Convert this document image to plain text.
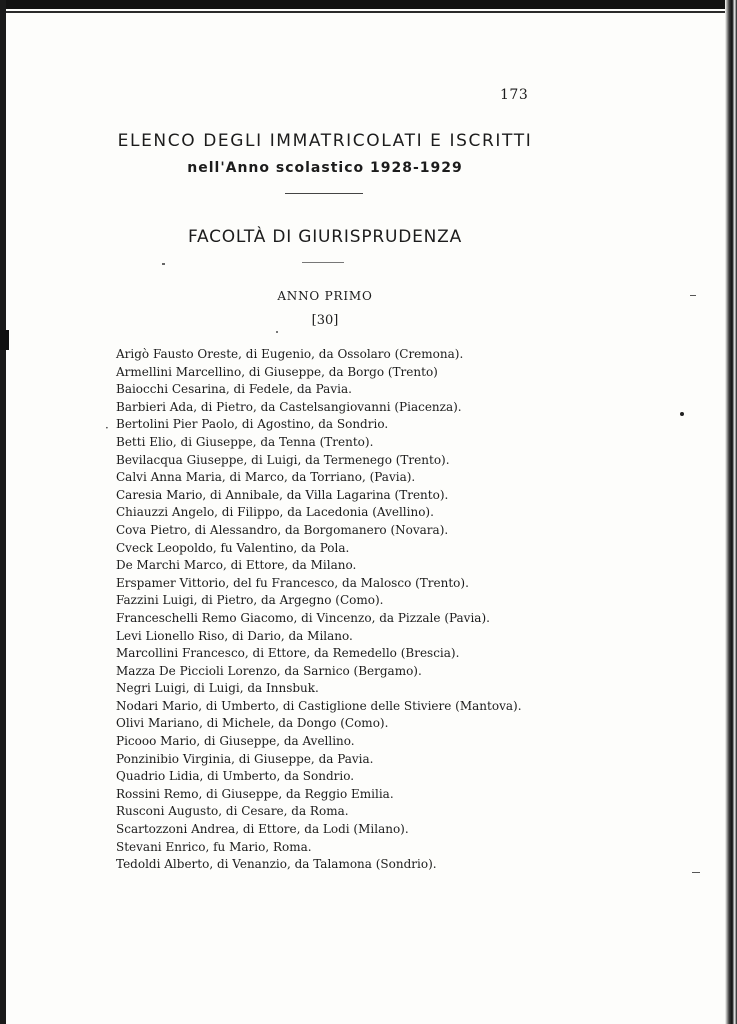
173
ELENCO DEGLI IMMATRICOLATI E ISCRITTI
nell'Anno scolastico 1928-1929
FACOLTÀ DI GIURISPRUDENZA
ANNO PRIMO
[30]
·
Arigò Fausto Oreste, di Eugenio, da Ossolaro (Cremona).
Armellini Marcellino, di Giuseppe, da Borgo (Trento)
Baiocchi Cesarina, di Fedele, da Pavia.
Barbieri Ada, di Pietro, da Castelsangiovanni (Piacenza).
Bertolini Pier Paolo, di Agostino, da Sondrio.
Betti Elio, di Giuseppe, da Tenna (Trento).
Bevilacqua Giuseppe, di Luigi, da Termenego (Trento).
Calvi Anna Maria, di Marco, da Torriano, (Pavia).
Caresia Mario, di Annibale, da Villa Lagarina (Trento).
Chiauzzi Angelo, di Filippo, da Lacedonia (Avellino).
Cova Pietro, di Alessandro, da Borgomanero (Novara).
Cveck Leopoldo, fu Valentino, da Pola.
De Marchi Marco, di Ettore, da Milano.
Erspamer Vittorio, del fu Francesco, da Malosco (Trento).
Fazzini Luigi, di Pietro, da Argegno (Como).
Franceschelli Remo Giacomo, di Vincenzo, da Pizzale (Pavia).
Levi Lionello Riso, di Dario, da Milano.
Marcollini Francesco, di Ettore, da Remedello (Brescia).
Mazza De Piccioli Lorenzo, da Sarnico (Bergamo).
Negri Luigi, di Luigi, da Innsbuk.
Nodari Mario, di Umberto, di Castiglione delle Stiviere (Mantova).
Olivi Mariano, di Michele, da Dongo (Como).
Picooo Mario, di Giuseppe, da Avellino.
Ponzinibio Virginia, di Giuseppe, da Pavia.
Quadrio Lidia, di Umberto, da Sondrio.
Rossini Remo, di Giuseppe, da Reggio Emilia.
Rusconi Augusto, di Cesare, da Roma.
Scartozzoni Andrea, di Ettore, da Lodi (Milano).
Stevani Enrico, fu Mario, Roma.
Tedoldi Alberto, di Venanzio, da Talamona (Sondrio).
